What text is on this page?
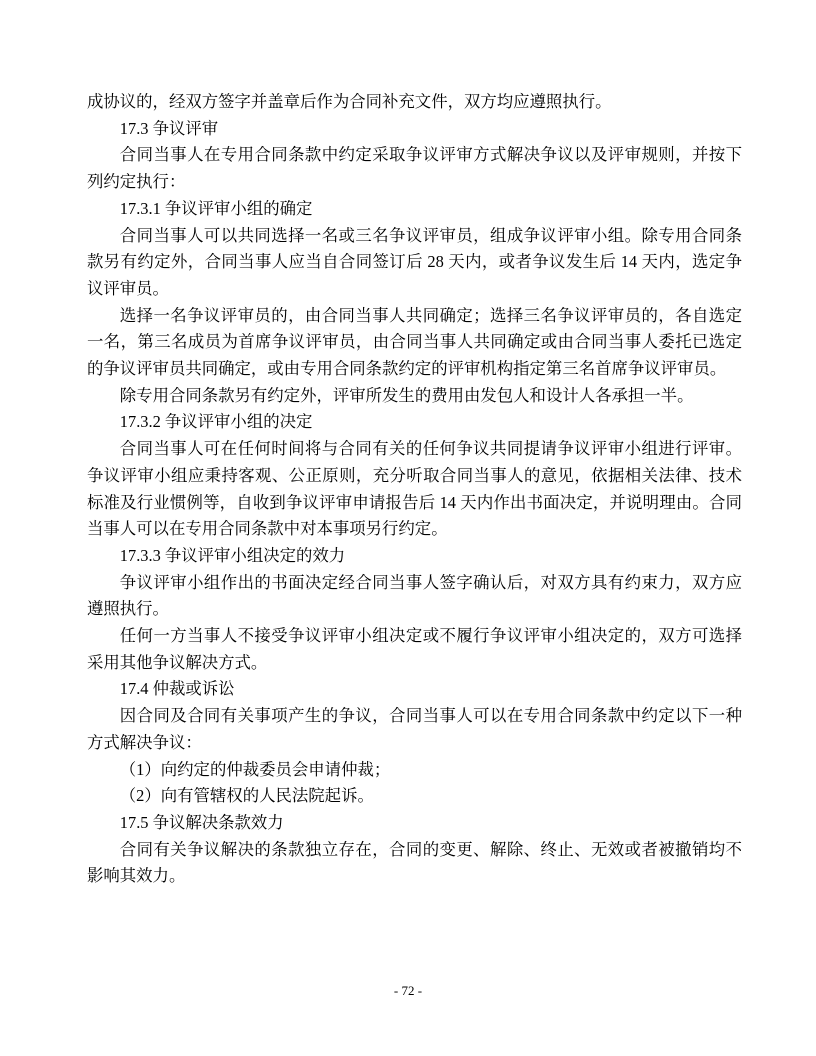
成协议的，经双方签字并盖章后作为合同补充文件，双方均应遵照执行。

17.3 争议评审

合同当事人在专用合同条款中约定采取争议评审方式解决争议以及评审规则，并按下列约定执行：

17.3.1 争议评审小组的确定

合同当事人可以共同选择一名或三名争议评审员，组成争议评审小组。除专用合同条款另有约定外，合同当事人应当自合同签订后 28 天内，或者争议发生后 14 天内，选定争议评审员。

选择一名争议评审员的，由合同当事人共同确定；选择三名争议评审员的，各自选定一名，第三名成员为首席争议评审员，由合同当事人共同确定或由合同当事人委托已选定的争议评审员共同确定，或由专用合同条款约定的评审机构指定第三名首席争议评审员。

除专用合同条款另有约定外，评审所发生的费用由发包人和设计人各承担一半。

17.3.2 争议评审小组的决定

合同当事人可在任何时间将与合同有关的任何争议共同提请争议评审小组进行评审。争议评审小组应秉持客观、公正原则，充分听取合同当事人的意见，依据相关法律、技术标准及行业惯例等，自收到争议评审申请报告后 14 天内作出书面决定，并说明理由。合同当事人可以在专用合同条款中对本事项另行约定。

17.3.3 争议评审小组决定的效力

争议评审小组作出的书面决定经合同当事人签字确认后，对双方具有约束力，双方应遵照执行。

任何一方当事人不接受争议评审小组决定或不履行争议评审小组决定的，双方可选择采用其他争议解决方式。

17.4 仲裁或诉讼

因合同及合同有关事项产生的争议，合同当事人可以在专用合同条款中约定以下一种方式解决争议：

（1）向约定的仲裁委员会申请仲裁；

（2）向有管辖权的人民法院起诉。

17.5 争议解决条款效力

合同有关争议解决的条款独立存在，合同的变更、解除、终止、无效或者被撤销均不影响其效力。

- 72 -
